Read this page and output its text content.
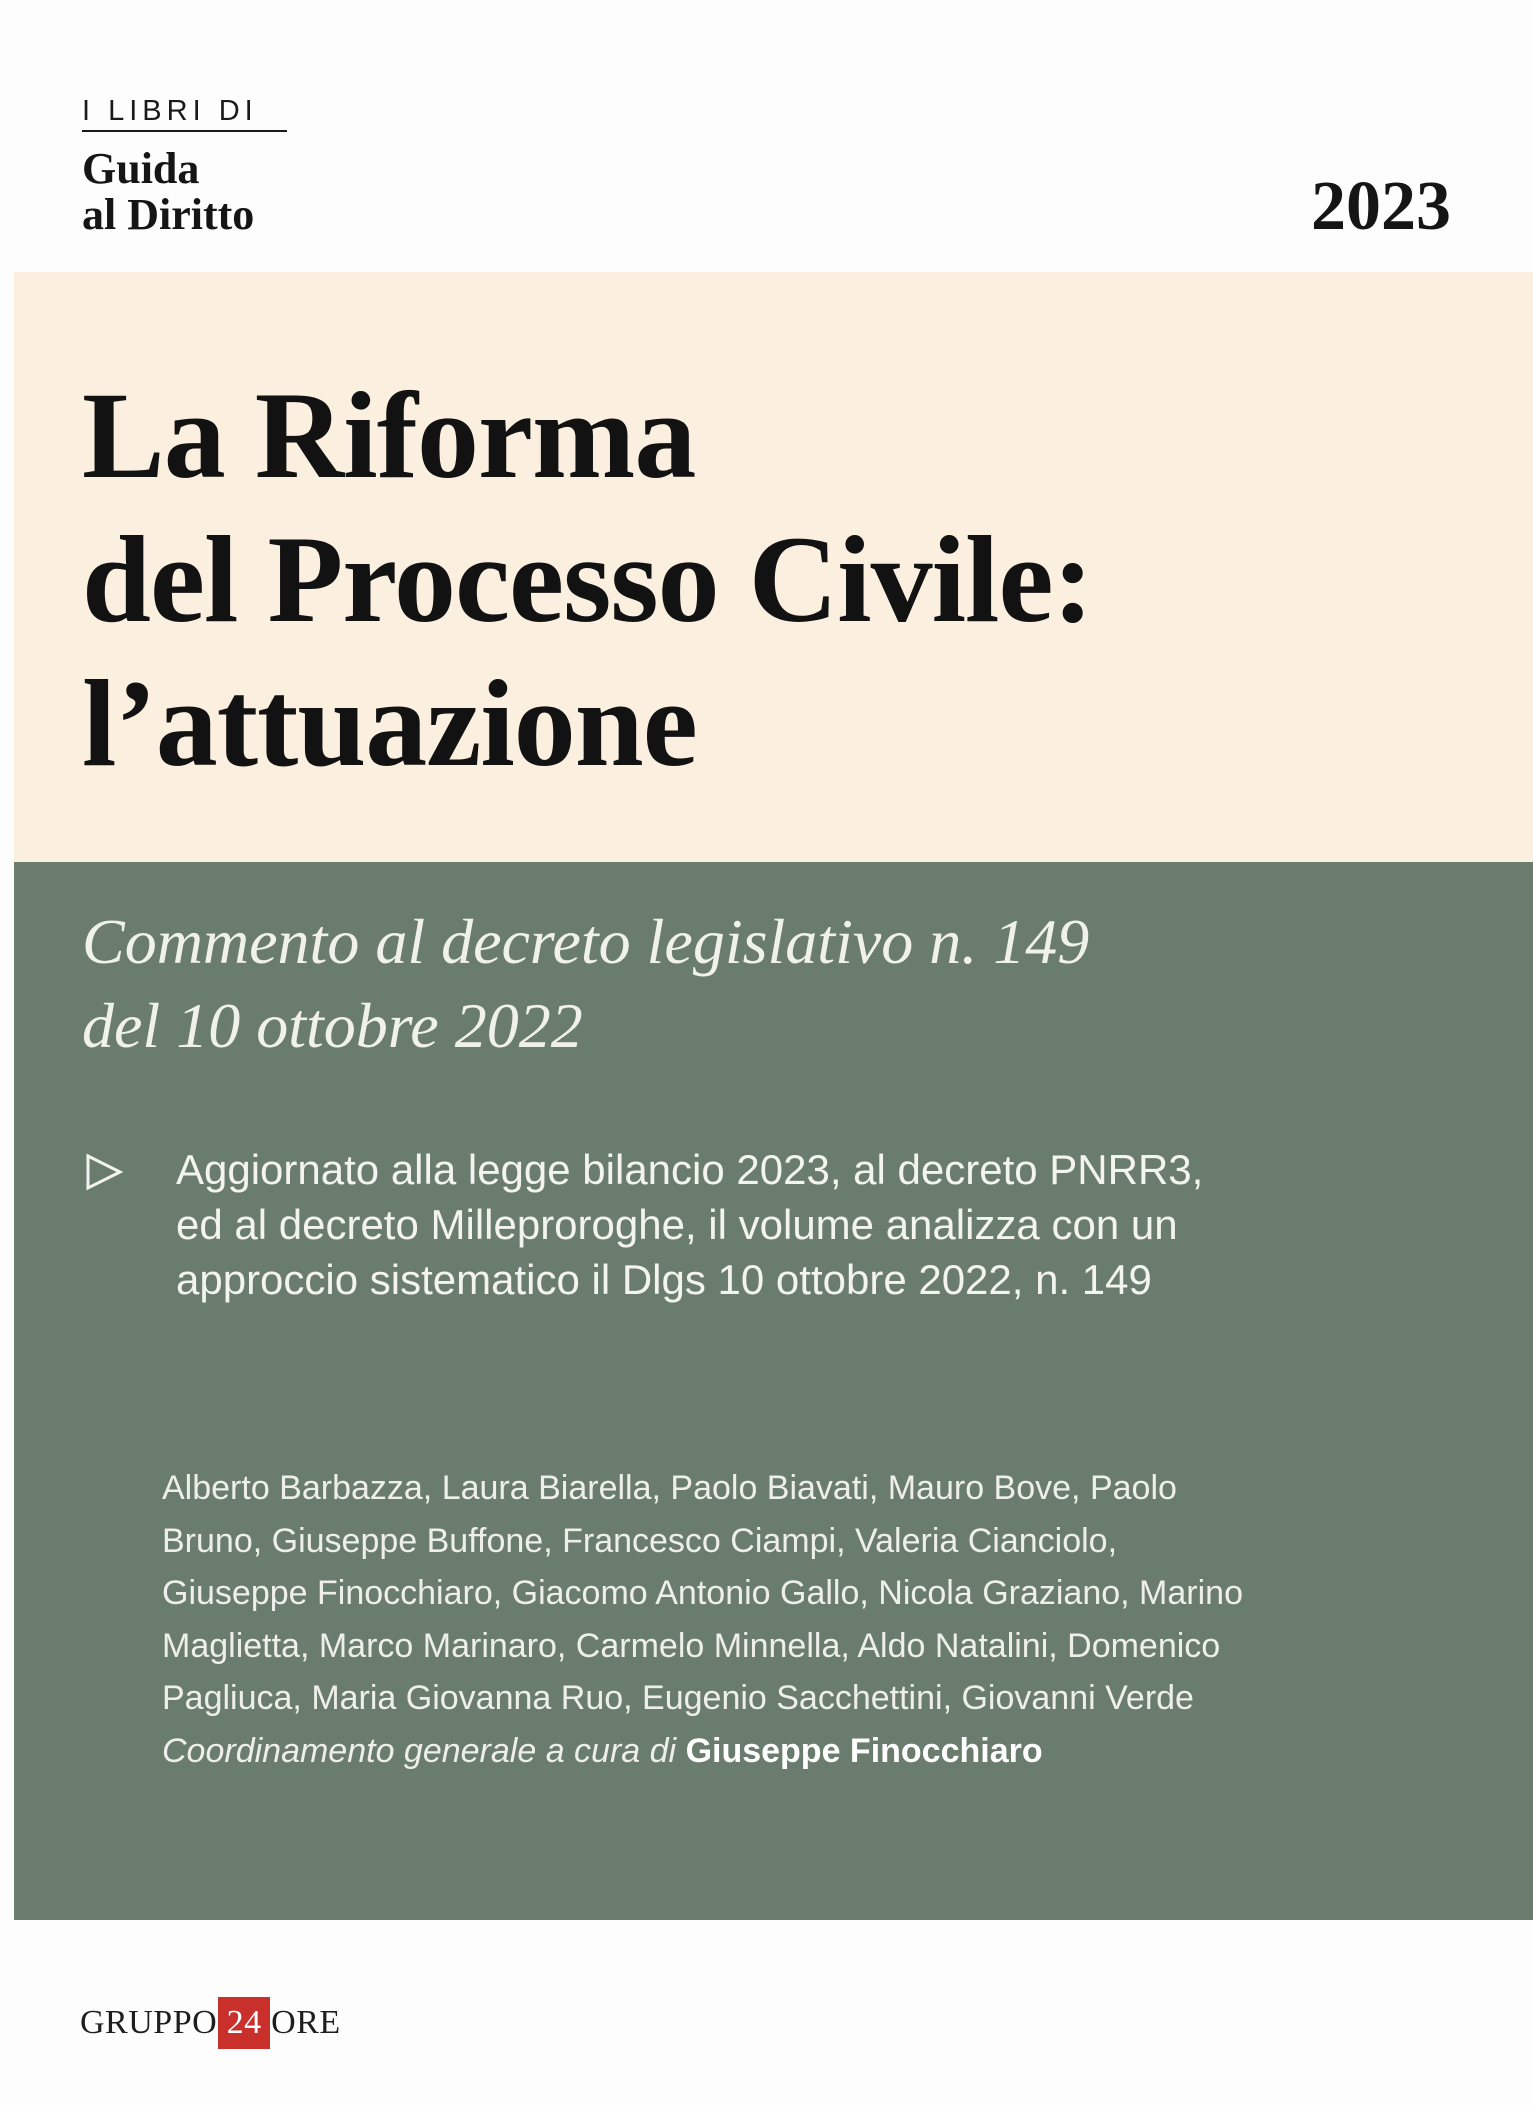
I LIBRI DI
Guida
al Diritto	2023
La Riforma
del Processo Civile:
l’attuazione
Commento al decreto legislativo n. 149
del 10 ottobre 2022
Aggiornato alla legge bilancio 2023, al decreto PNRR3,
ed al decreto Milleproroghe, il volume analizza con un
approccio sistematico il Dlgs 10 ottobre 2022, n. 149
Alberto Barbazza, Laura Biarella, Paolo Biavati, Mauro Bove, Paolo
Bruno, Giuseppe Buffone, Francesco Ciampi, Valeria Cianciolo,
Giuseppe Finocchiaro, Giacomo Antonio Gallo, Nicola Graziano, Marino
Maglietta, Marco Marinaro, Carmelo Minnella, Aldo Natalini, Domenico
Pagliuca, Maria Giovanna Ruo, Eugenio Sacchettini, Giovanni Verde
Coordinamento generale a cura di Giuseppe Finocchiaro
GRUPPO 24 ORE
